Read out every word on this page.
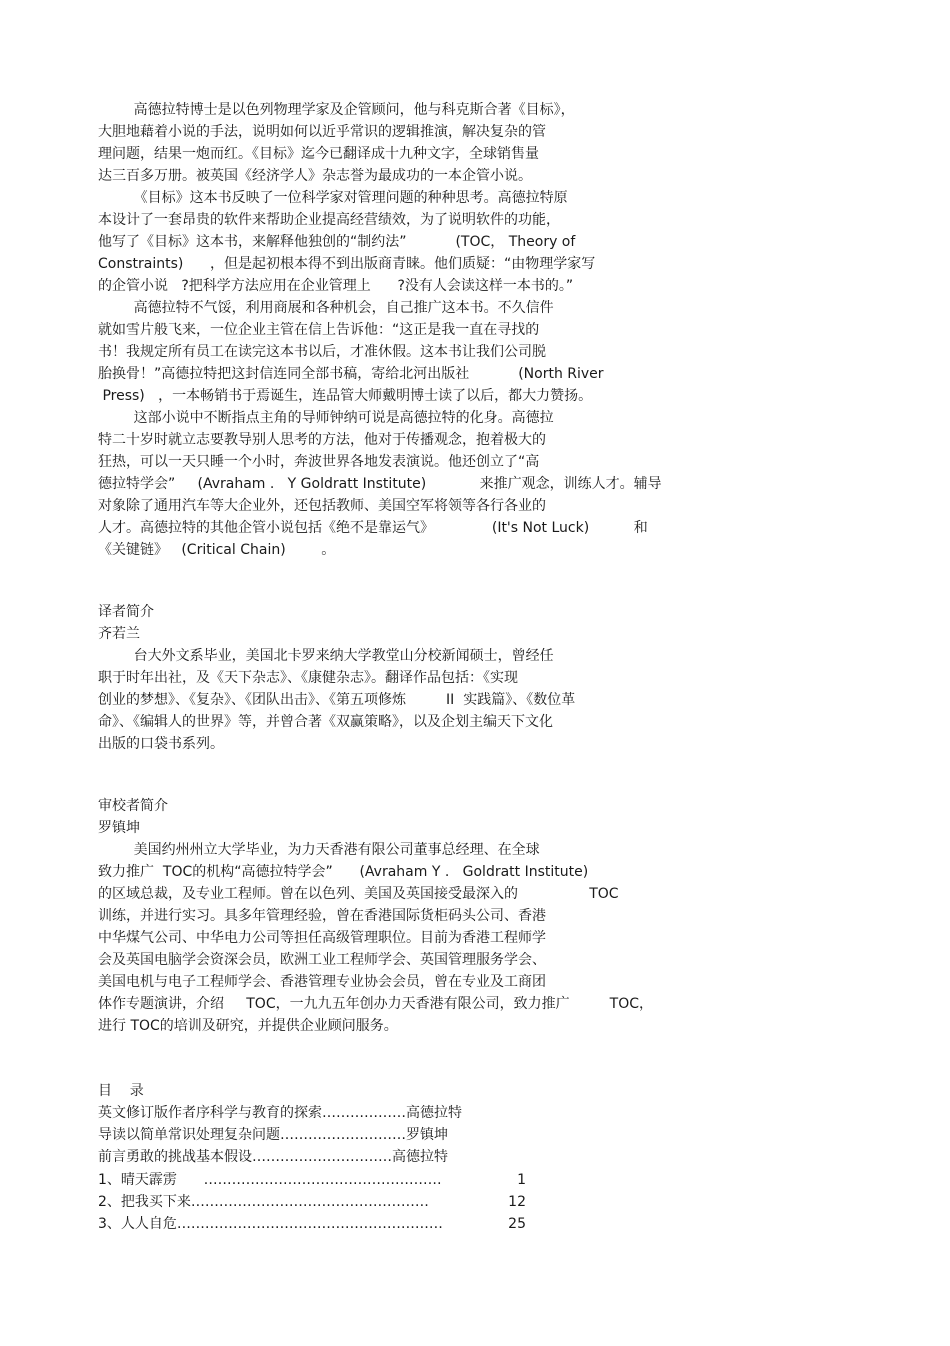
高德拉特博士是以色列物理学家及企管顾问，他与科克斯合著《目标》，

大胆地藉着小说的手法，说明如何以近乎常识的逻辑推演，解决复杂的管

理问题，结果一炮而红。《目标》迄今已翻译成十九种文字，全球销售量

达三百多万册。被英国《经济学人》杂志誉为最成功的一本企管小说。

《目标》这本书反映了一位科学家对管理问题的种种思考。高德拉特原

本设计了一套昂贵的软件来帮助企业提高经营绩效，为了说明软件的功能，

他写了《目标》这本书，来解释他独创的“制约法”           (TOC， Theory of

Constraints)      ，但是起初根本得不到出版商青睐。他们质疑：“由物理学家写

的企管小说   ?把科学方法应用在企业管理上      ?没有人会读这样一本书的。”

高德拉特不气馁，利用商展和各种机会，自己推广这本书。不久信件

就如雪片般飞来，一位企业主管在信上告诉他：“这正是我一直在寻找的

书！我规定所有员工在读完这本书以后，才准休假。这本书让我们公司脱

胎换骨！”高德拉特把这封信连同全部书稿，寄给北河出版社           (North River

Press)   ，一本畅销书于焉诞生，连品管大师戴明博士读了以后，都大力赞扬。

这部小说中不断指点主角的导师钟纳可说是高德拉特的化身。高德拉

特二十岁时就立志要教导别人思考的方法，他对于传播观念，抱着极大的

狂热，可以一天只睡一个小时，奔波世界各地发表演说。他还创立了“高

德拉特学会”     (Avraham .   Y Goldratt Institute)            来推广观念，训练人才。辅导

对象除了通用汽车等大企业外，还包括教师、美国空军将领等各行各业的

人才。高德拉特的其他企管小说包括《绝不是靠运气》             (It's Not Luck)          和

《关键链》   (Critical Chain)        。

译者简介

齐若兰

台大外文系毕业，美国北卡罗来纳大学教堂山分校新闻硕士，曾经任

职于时年出社，及《天下杂志》、《康健杂志》。翻译作品包括：《实现

创业的梦想》、《复杂》、《团队出击》、《第五项修炼         II  实践篇》、《数位革

命》、《编辑人的世界》等，并曾合著《双赢策略》，以及企划主编天下文化

出版的口袋书系列。

审校者简介

罗镇坤

美国约州州立大学毕业，为力天香港有限公司董事总经理、在全球

致力推广  TOC的机构“高德拉特学会”      (Avraham Y .   Goldratt Institute)

的区域总裁，及专业工程师。曾在以色列、美国及英国接受最深入的                TOC

训练，并进行实习。具多年管理经验，曾在香港国际货柜码头公司、香港

中华煤气公司、中华电力公司等担任高级管理职位。目前为香港工程师学

会及英国电脑学会资深会员，欧洲工业工程师学会、英国管理服务学会、

美国电机与电子工程师学会、香港管理专业协会会员，曾在专业及工商团

体作专题演讲，介绍     TOC，一九九五年创办力天香港有限公司，致力推广         TOC，

进行 TOC的培训及研究，并提供企业顾问服务。

目    录

英文修订版作者序科学与教育的探索………………高德拉特

导读以简单常识处理复杂问题………………………罗镇坤

前言勇敢的挑战基本假设…………………………高德拉特

1、晴天霹雳      ……………………………………………	1

2、把我买下来……………………………………………	12

3、人人自危…………………………………………………	25
